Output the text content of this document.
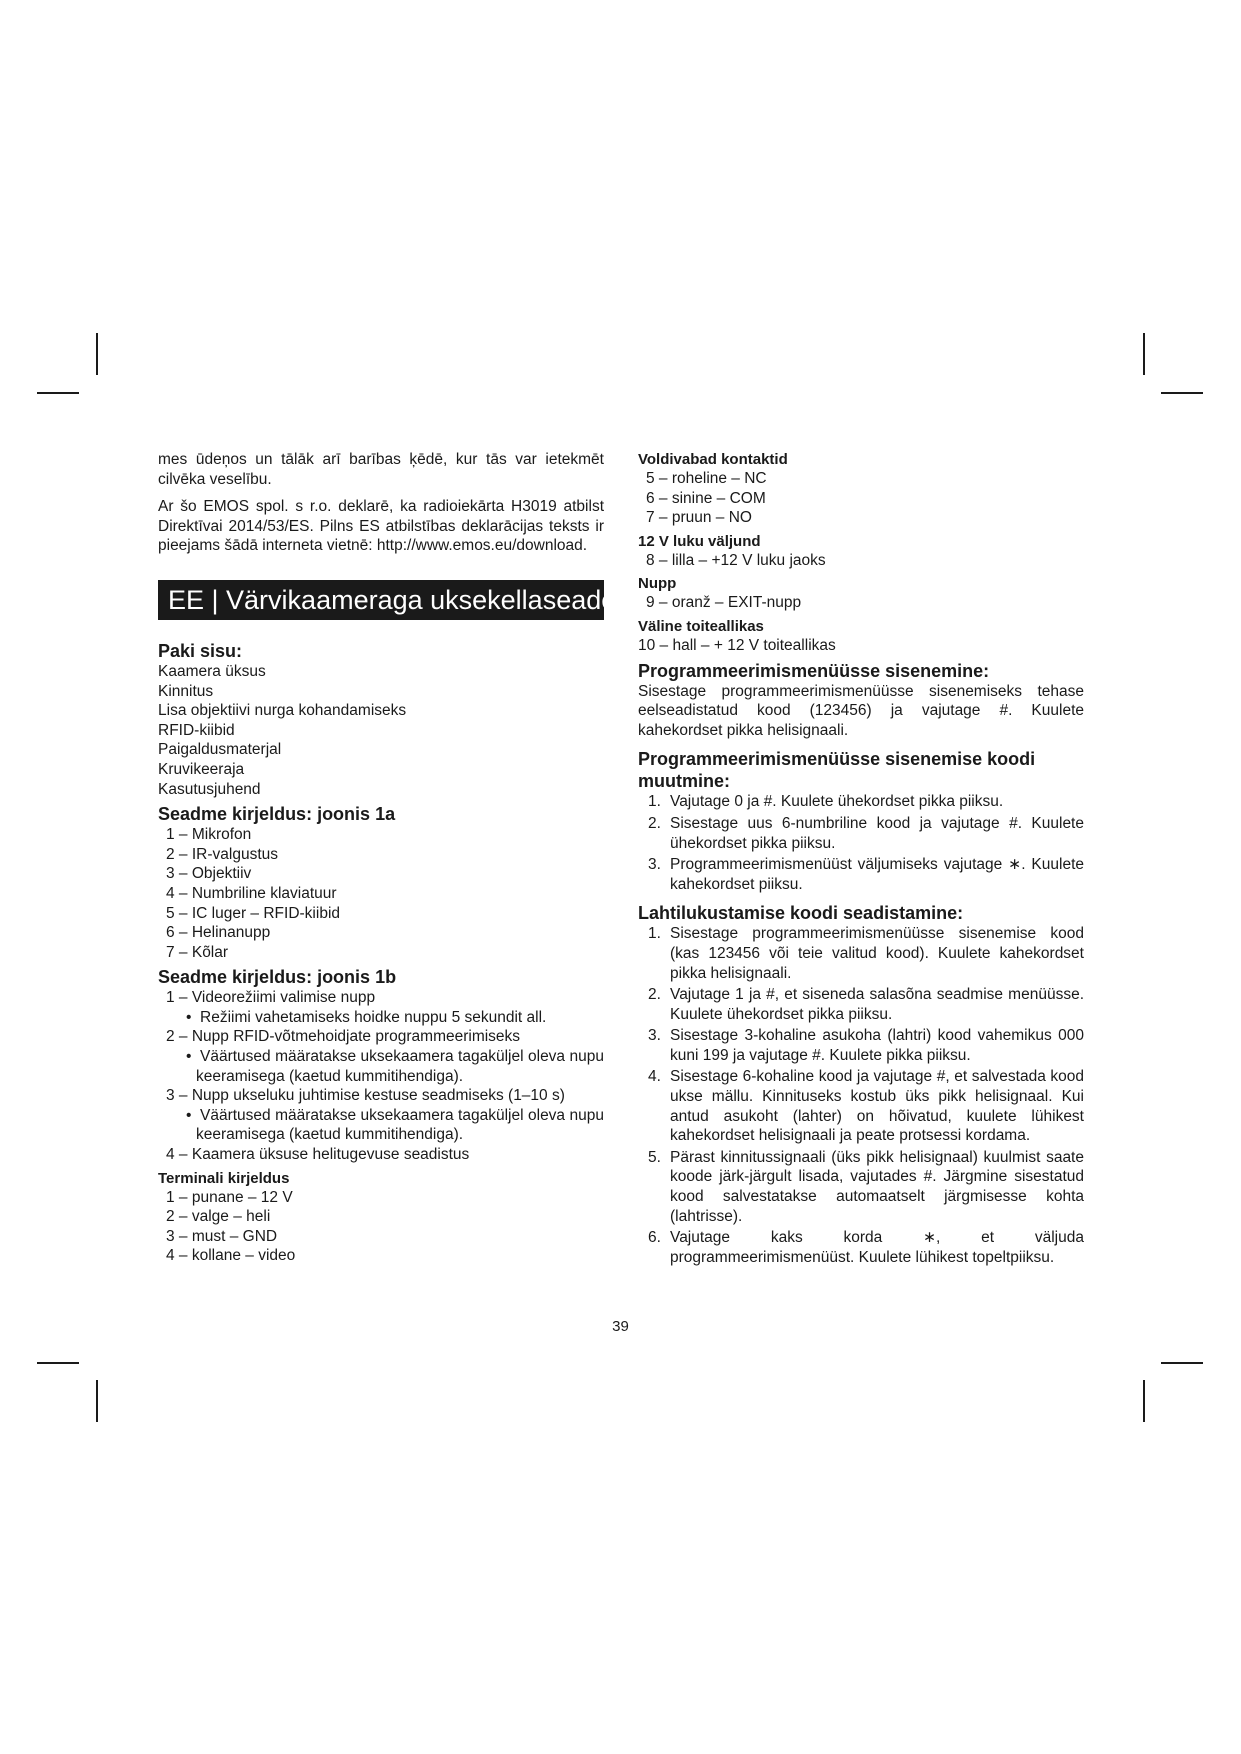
mes ūdeņos un tālāk arī barības ķēdē, kur tās var ietekmēt cilvēka veselību.

Ar šo EMOS spol. s r.o. deklarē, ka radioiekārta H3019 atbilst Direktīvai 2014/53/ES. Pilns ES atbilstības deklarācijas teksts ir pieejams šādā interneta vietnē: http://www.emos.eu/download.

EE | Värvikaameraga uksekellaseade
Paki sisu:

Kaamera üksus

Kinnitus

Lisa objektiivi nurga kohandamiseks

RFID-kiibid

Paigaldusmaterjal

Kruvikeeraja

Kasutusjuhend

Seadme kirjeldus: joonis 1a

1 – Mikrofon

2 – IR-valgustus

3 – Objektiiv

4 – Numbriline klaviatuur

5 – IC luger – RFID-kiibid

6 – Helinanupp

7 – Kõlar

Seadme kirjeldus: joonis 1b

1 – Videorežiimi valimise nupp

• Režiimi vahetamiseks hoidke nuppu 5 sekundit all.

2 – Nupp RFID-võtmehoidjate programmeerimiseks

• Väärtused määratakse uksekaamera tagaküljel oleva nupu keeramisega (kaetud kummitihendiga).

3 – Nupp ukseluku juhtimise kestuse seadmiseks (1–10 s)

• Väärtused määratakse uksekaamera tagaküljel oleva nupu keeramisega (kaetud kummitihendiga).

4 – Kaamera üksuse helitugevuse seadistus

Terminali kirjeldus

1 – punane – 12 V

2 – valge – heli

3 – must – GND

4 – kollane – video

Voldivabad kontaktid

5 – roheline – NC

6 – sinine – COM

7 – pruun – NO

12 V luku väljund

8 – lilla – +12 V luku jaoks

Nupp

9 – oranž – EXIT-nupp

Väline toiteallikas

10 – hall – + 12 V toiteallikas

Programmeerimismenüüsse sisenemine:

Sisestage programmeerimismenüüsse sisenemiseks tehase eelseadistatud kood (123456) ja vajutage #. Kuulete kahekordset pikka helisignaali.

Programmeerimismenüüsse sisenemise koodi muutmine:
1. Vajutage 0 ja #. Kuulete ühekordset pikka piiksu.
2. Sisestage uus 6-numbriline kood ja vajutage #. Kuulete ühekordset pikka piiksu.
3. Programmeerimismenüüst väljumiseks vajutage ∗. Kuulete kahekordset piiksu.
Lahtilukustamise koodi seadistamine:
1. Sisestage programmeerimismenüüsse sisenemise kood (kas 123456 või teie valitud kood). Kuulete kahekordset pikka helisignaali.
2. Vajutage 1 ja #, et siseneda salasõna seadmise menüüsse. Kuulete ühekordset pikka piiksu.
3. Sisestage 3-kohaline asukoha (lahtri) kood vahemikus 000 kuni 199 ja vajutage #. Kuulete pikka piiksu.
4. Sisestage 6-kohaline kood ja vajutage #, et salvestada kood ukse mällu. Kinnituseks kostub üks pikk helisignaal. Kui antud asukoht (lahter) on hõivatud, kuulete lühikest kahekordset helisignaali ja peate protsessi kordama.
5. Pärast kinnitussignaali (üks pikk helisignaal) kuulmist saate koode järk-järgult lisada, vajutades #. Järgmine sisestatud kood salvestatakse automaatselt järgmisesse kohta (lahtrisse).
6. Vajutage kaks korda ∗, et väljuda programmeerimismenüüst. Kuulete lühikest topeltpiiksu.
39
